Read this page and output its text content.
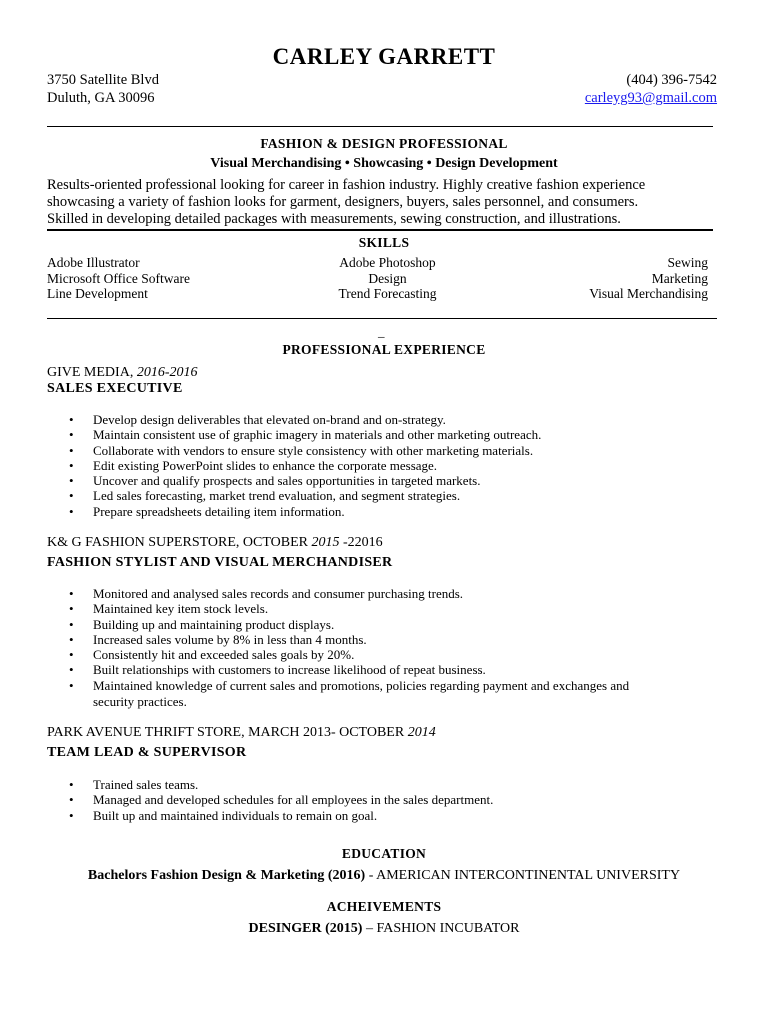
CARLEY GARRETT
3750 Satellite Blvd
Duluth, GA 30096
(404) 396-7542
carleyg93@gmail.com
FASHION & DESIGN PROFESSIONAL
Visual Merchandising • Showcasing • Design Development
Results-oriented professional looking for career in fashion industry. Highly creative fashion experience
showcasing a variety of fashion looks for garment, designers, buyers, sales personnel, and consumers.
Skilled in developing detailed packages with measurements, sewing construction, and illustrations.
SKILLS
Adobe Illustrator
Microsoft Office Software
Line Development
Adobe Photoshop
Design
Trend Forecasting
Sewing
Marketing
Visual Merchandising
_
PROFESSIONAL EXPERIENCE
GIVE MEDIA, 2016-2016
SALES EXECUTIVE
• Develop design deliverables that elevated on-brand and on-strategy.
• Maintain consistent use of graphic imagery in materials and other marketing outreach.
• Collaborate with vendors to ensure style consistency with other marketing materials.
• Edit existing PowerPoint slides to enhance the corporate message.
• Uncover and qualify prospects and sales opportunities in targeted markets.
• Led sales forecasting, market trend evaluation, and segment strategies.
• Prepare spreadsheets detailing item information.
K& G FASHION SUPERSTORE, OCTOBER 2015 -22016
FASHION STYLIST AND VISUAL MERCHANDISER
• Monitored and analysed sales records and consumer purchasing trends.
• Maintained key item stock levels.
• Building up and maintaining product displays.
• Increased sales volume by 8% in less than 4 months.
• Consistently hit and exceeded sales goals by 20%.
• Built relationships with customers to increase likelihood of repeat business.
• Maintained knowledge of current sales and promotions, policies regarding payment and exchanges and
security practices.
PARK AVENUE THRIFT STORE, MARCH 2013- OCTOBER 2014
TEAM LEAD & SUPERVISOR
• Trained sales teams.
• Managed and developed schedules for all employees in the sales department.
• Built up and maintained individuals to remain on goal.
EDUCATION
Bachelors Fashion Design & Marketing (2016) - AMERICAN INTERCONTINENTAL UNIVERSITY
ACHEIVEMENTS
DESINGER (2015) – FASHION INCUBATOR
